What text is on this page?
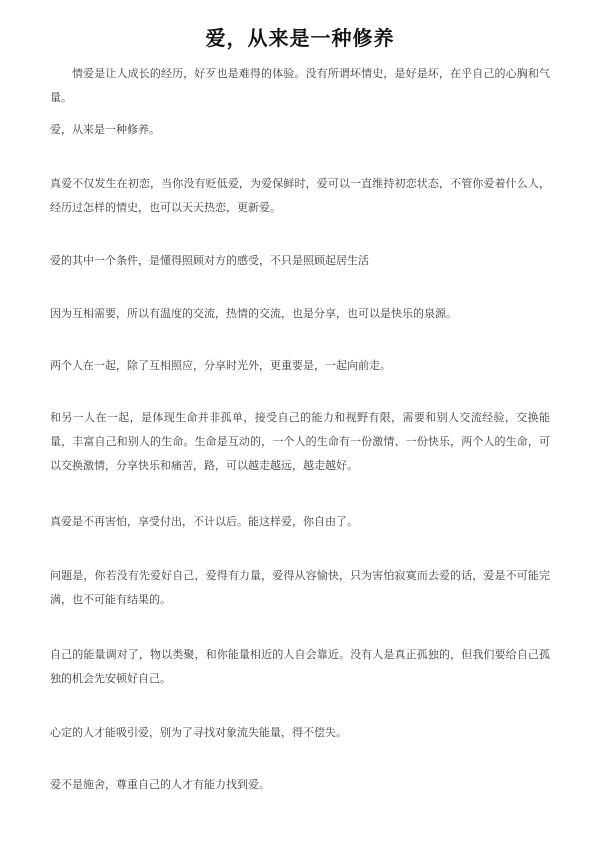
爱，从来是一种修养

情爱是让人成长的经历，好歹也是难得的体验。没有所谓坏情史，是好是坏，在乎自己的心胸和气量。

爱，从来是一种修养。

真爱不仅发生在初恋，当你没有贬低爱，为爱保鲜时，爱可以一直维持初恋状态，不管你爱着什么人，经历过怎样的情史，也可以天天热恋，更新爱。

爱的其中一个条件，是懂得照顾对方的感受，不只是照顾起居生活

因为互相需要，所以有温度的交流，热情的交流，也是分享，也可以是快乐的泉源。

两个人在一起，除了互相照应，分享时光外，更重要是，一起向前走。

和另一人在一起，是体现生命并非孤单，接受自己的能力和视野有限，需要和别人交流经验，交换能量，丰富自己和别人的生命。生命是互动的，一个人的生命有一份激情、一份快乐，两个人的生命，可以交换激情，分享快乐和痛苦，路，可以越走越远，越走越好。

真爱是不再害怕，享受付出，不计以后。能这样爱，你自由了。

问题是，你若没有先爱好自己，爱得有力量，爱得从容愉快，只为害怕寂寞而去爱的话，爱是不可能完满，也不可能有结果的。

自己的能量调对了，物以类聚，和你能量相近的人自会靠近。没有人是真正孤独的，但我们要给自己孤独的机会先安顿好自己。

心定的人才能吸引爱，别为了寻找对象流失能量，得不偿失。

爱不是施舍，尊重自己的人才有能力找到爱。
